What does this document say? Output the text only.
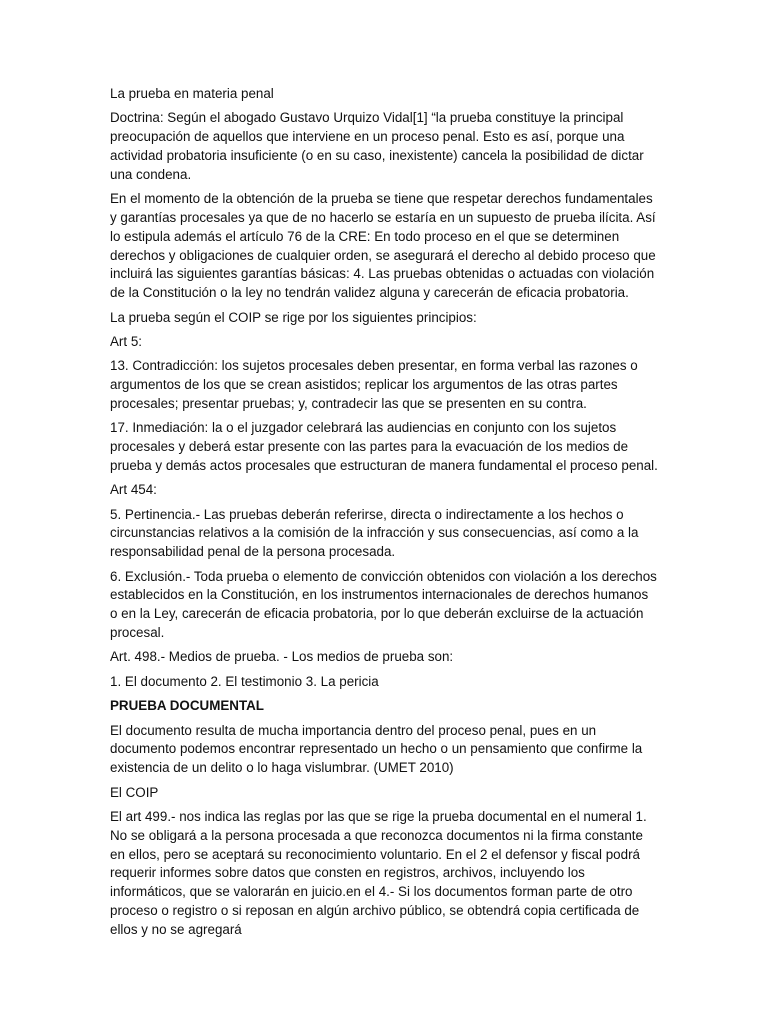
La prueba en materia penal

Doctrina: Según el abogado Gustavo Urquizo Vidal[1] “la prueba constituye la principal preocupación de aquellos que interviene en un proceso penal. Esto es así, porque una actividad probatoria insuficiente (o en su caso, inexistente) cancela la posibilidad de dictar una condena.

En el momento de la obtención de la prueba se tiene que respetar derechos fundamentales y garantías procesales ya que de no hacerlo se estaría en un supuesto de prueba ilícita. Así lo estipula además el artículo 76 de la CRE: En todo proceso en el que se determinen derechos y obligaciones de cualquier orden, se asegurará el derecho al debido proceso que incluirá las siguientes garantías básicas: 4. Las pruebas obtenidas o actuadas con violación de la Constitución o la ley no tendrán validez alguna y carecerán de eficacia probatoria.

La prueba según el COIP se rige por los siguientes principios:

Art 5:

13. Contradicción: los sujetos procesales deben presentar, en forma verbal las razones o argumentos de los que se crean asistidos; replicar los argumentos de las otras partes procesales; presentar pruebas; y, contradecir las que se presenten en su contra.

17. Inmediación: la o el juzgador celebrará las audiencias en conjunto con los sujetos procesales y deberá estar presente con las partes para la evacuación de los medios de prueba y demás actos procesales que estructuran de manera fundamental el proceso penal.

Art 454:

5. Pertinencia.- Las pruebas deberán referirse, directa o indirectamente a los hechos o circunstancias relativos a la comisión de la infracción y sus consecuencias, así como a la responsabilidad penal de la persona procesada.

6. Exclusión.- Toda prueba o elemento de convicción obtenidos con violación a los derechos establecidos en la Constitución, en los instrumentos internacionales de derechos humanos o en la Ley, carecerán de eficacia probatoria, por lo que deberán excluirse de la actuación procesal.

Art. 498.- Medios de prueba. - Los medios de prueba son:

1. El documento 2. El testimonio 3. La pericia

PRUEBA DOCUMENTAL

El documento resulta de mucha importancia dentro del proceso penal, pues en un documento podemos encontrar representado un hecho o un pensamiento que confirme la existencia de un delito o lo haga vislumbrar. (UMET 2010)

El COIP

El art 499.- nos indica las reglas por las que se rige la prueba documental en el numeral 1. No se obligará a la persona procesada a que reconozca documentos ni la firma constante en ellos, pero se aceptará su reconocimiento voluntario. En el 2 el defensor y fiscal podrá requerir informes sobre datos que consten en registros, archivos, incluyendo los informáticos, que se valorarán en juicio.en el 4.- Si los documentos forman parte de otro proceso o registro o si reposan en algún archivo público, se obtendrá copia certificada de ellos y no se agregará
